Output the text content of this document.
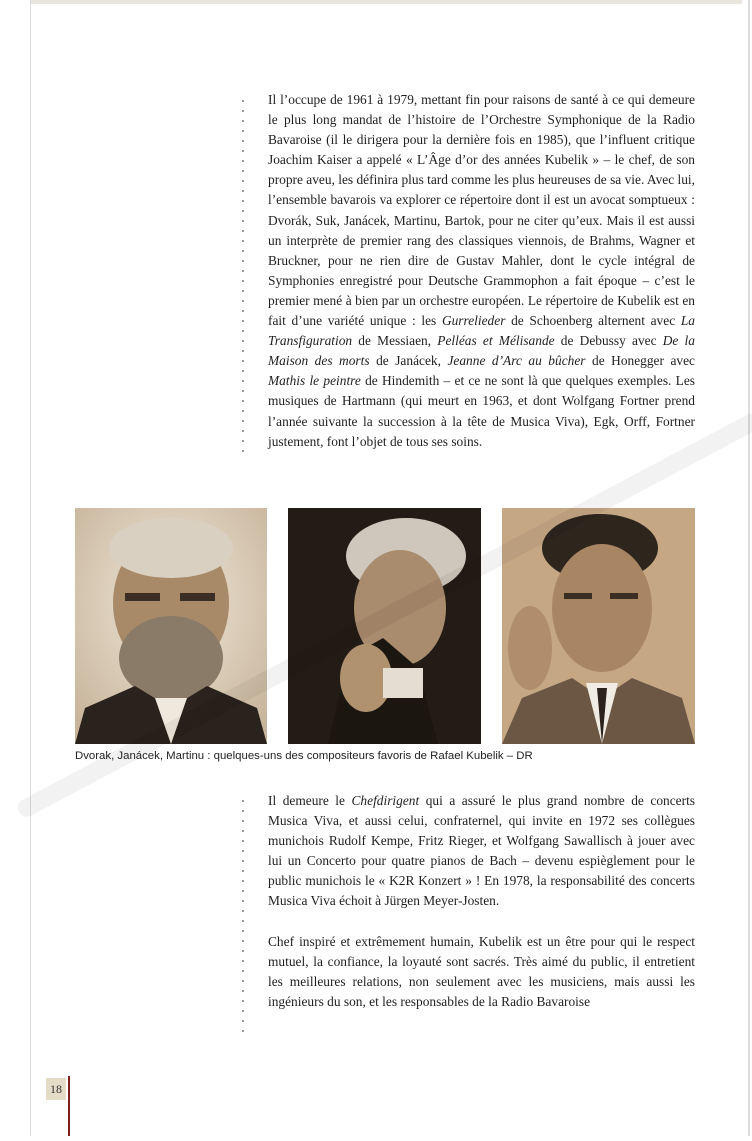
Il l’occupe de 1961 à 1979, mettant fin pour raisons de santé à ce qui demeure le plus long mandat de l’histoire de l’Orchestre Symphonique de la Radio Bavaroise (il le dirigera pour la dernière fois en 1985), que l’influent critique Joachim Kaiser a appelé « L’Âge d’or des années Kubelik » – le chef, de son propre aveu, les définira plus tard comme les plus heureuses de sa vie. Avec lui, l’ensemble bavarois va explorer ce répertoire dont il est un avocat somptueux : Dvorák, Suk, Janácek, Martinu, Bartok, pour ne citer qu’eux. Mais il est aussi un interprète de premier rang des classiques viennois, de Brahms, Wagner et Bruckner, pour ne rien dire de Gustav Mahler, dont le cycle intégral de Symphonies enregistré pour Deutsche Grammophon a fait époque – c’est le premier mené à bien par un orchestre européen. Le répertoire de Kubelik est en fait d’une variété unique : les Gurrelieder de Schoenberg alternent avec La Transfiguration de Messiaen, Pelléas et Mélisande de Debussy avec De la Maison des morts de Janácek, Jeanne d’Arc au bûcher de Honegger avec Mathis le peintre de Hindemith – et ce ne sont là que quelques exemples. Les musiques de Hartmann (qui meurt en 1963, et dont Wolfgang Fortner prend l’année suivante la succession à la tête de Musica Viva), Egk, Orff, Fortner justement, font l’objet de tous ses soins.

Dvorak, Janácek, Martinu : quelques-uns des compositeurs favoris de Rafael Kubelik – DR

Il demeure le Chefdirigent qui a assuré le plus grand nombre de concerts Musica Viva, et aussi celui, confraternel, qui invite en 1972 ses collègues munichois Rudolf Kempe, Fritz Rieger, et Wolfgang Sawallisch à jouer avec lui un Concerto pour quatre pianos de Bach – devenu espièglement pour le public munichois le « K2R Konzert » ! En 1978, la responsabilité des concerts Musica Viva échoit à Jürgen Meyer-Josten.

Chef inspiré et extrêmement humain, Kubelik est un être pour qui le respect mutuel, la confiance, la loyauté sont sacrés. Très aimé du public, il entretient les meilleures relations, non seulement avec les musiciens, mais aussi les ingénieurs du son, et les responsables de la Radio Bavaroise

18
